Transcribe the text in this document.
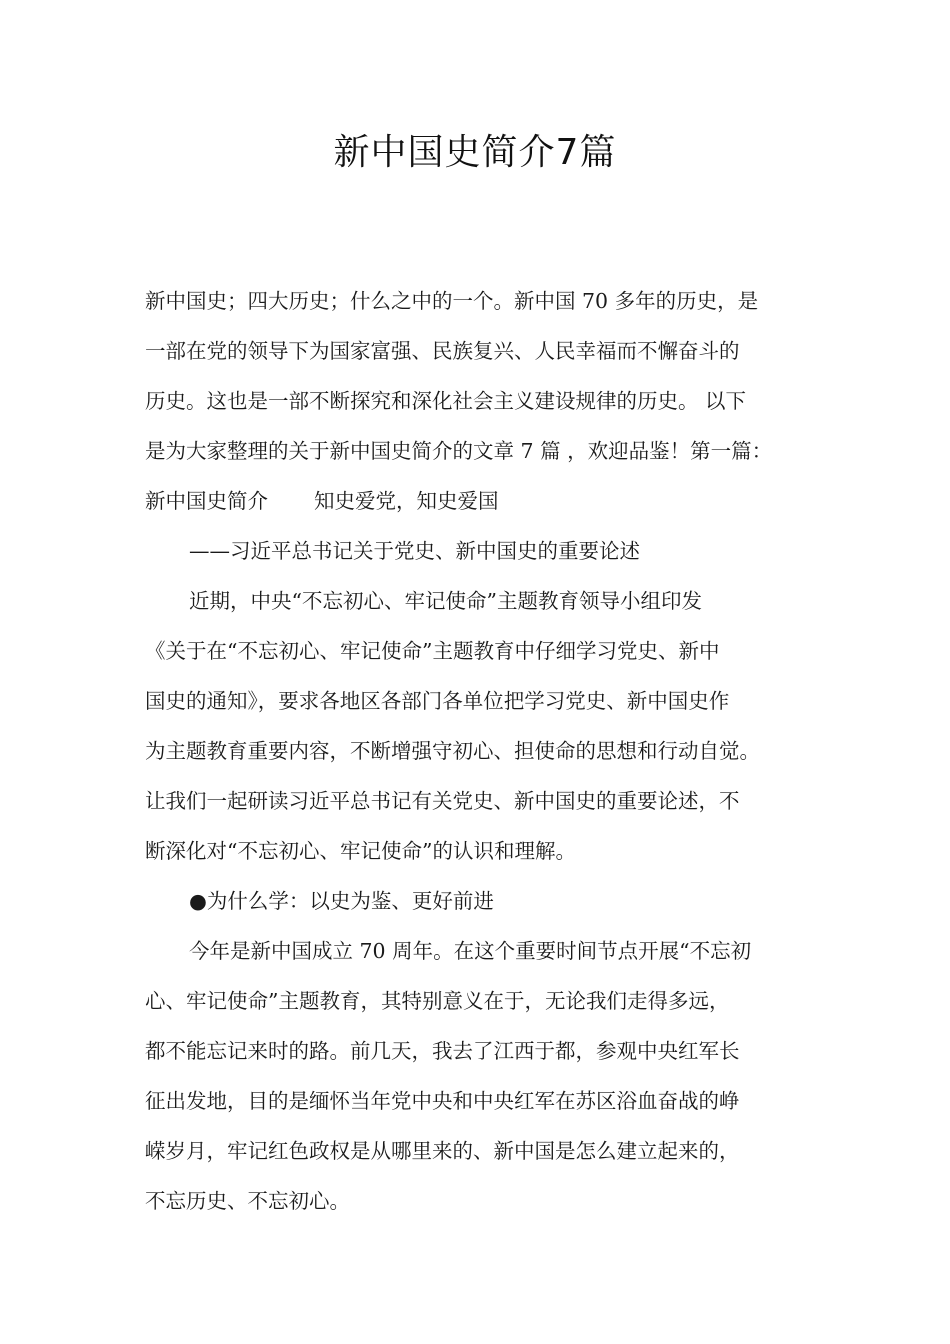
新中国史简介7篇
新中国史；四大历史；什么之中的一个。新中国 70 多年的历史，是
一部在党的领导下为国家富强、民族复兴、人民幸福而不懈奋斗的
历史。这也是一部不断探究和深化社会主义建设规律的历史。 以下
是为大家整理的关于新中国史简介的文章 7 篇 ，欢迎品鉴！第一篇：
新中国史简介 知史爱党，知史爱国
——习近平总书记关于党史、新中国史的重要论述
近期，中央“不忘初心、牢记使命”主题教育领导小组印发
《关于在“不忘初心、牢记使命”主题教育中仔细学习党史、新中
国史的通知》，要求各地区各部门各单位把学习党史、新中国史作
为主题教育重要内容，不断增强守初心、担使命的思想和行动自觉。
让我们一起研读习近平总书记有关党史、新中国史的重要论述，不
断深化对“不忘初心、牢记使命”的认识和理解。
●为什么学：以史为鉴、更好前进
今年是新中国成立 70 周年。在这个重要时间节点开展“不忘初
心、牢记使命”主题教育，其特别意义在于，无论我们走得多远，
都不能忘记来时的路。前几天，我去了江西于都，参观中央红军长
征出发地，目的是缅怀当年党中央和中央红军在苏区浴血奋战的峥
嵘岁月，牢记红色政权是从哪里来的、新中国是怎么建立起来的，
不忘历史、不忘初心。
